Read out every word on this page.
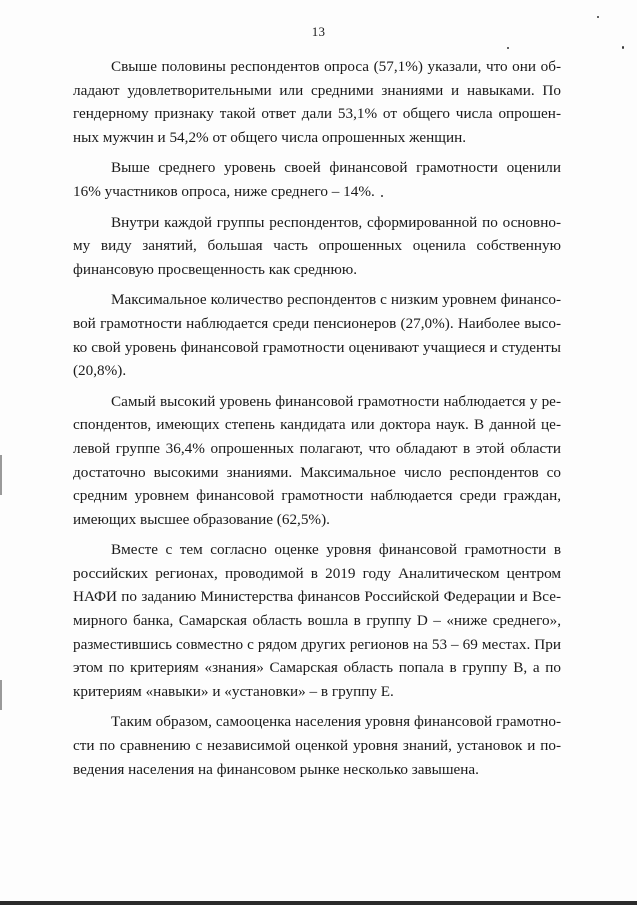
13

Свыше половины респондентов опроса (57,1%) указали, что они обладают удовлетворительными или средними знаниями и навыками. По гендерному признаку такой ответ дали 53,1% от общего числа опрошенных мужчин и 54,2% от общего числа опрошенных женщин.

Выше среднего уровень своей финансовой грамотности оценили 16% участников опроса, ниже среднего – 14%.

Внутри каждой группы респондентов, сформированной по основному виду занятий, большая часть опрошенных оценила собственную финансовую просвещенность как среднюю.

Максимальное количество респондентов с низким уровнем финансовой грамотности наблюдается среди пенсионеров (27,0%). Наиболее высоко свой уровень финансовой грамотности оценивают учащиеся и студенты (20,8%).

Самый высокий уровень финансовой грамотности наблюдается у респондентов, имеющих степень кандидата или доктора наук. В данной целевой группе 36,4% опрошенных полагают, что обладают в этой области достаточно высокими знаниями. Максимальное число респондентов со средним уровнем финансовой грамотности наблюдается среди граждан, имеющих высшее образование (62,5%).

Вместе с тем согласно оценке уровня финансовой грамотности в российских регионах, проводимой в 2019 году Аналитическом центром НАФИ по заданию Министерства финансов Российской Федерации и Всемирного банка, Самарская область вошла в группу D – «ниже среднего», разместившись совместно с рядом других регионов на 53 – 69 местах. При этом по критериям «знания» Самарская область попала в группу B, а по критериям «навыки» и «установки» – в группу E.

Таким образом, самооценка населения уровня финансовой грамотности по сравнению с независимой оценкой уровня знаний, установок и поведения населения на финансовом рынке несколько завышена.
